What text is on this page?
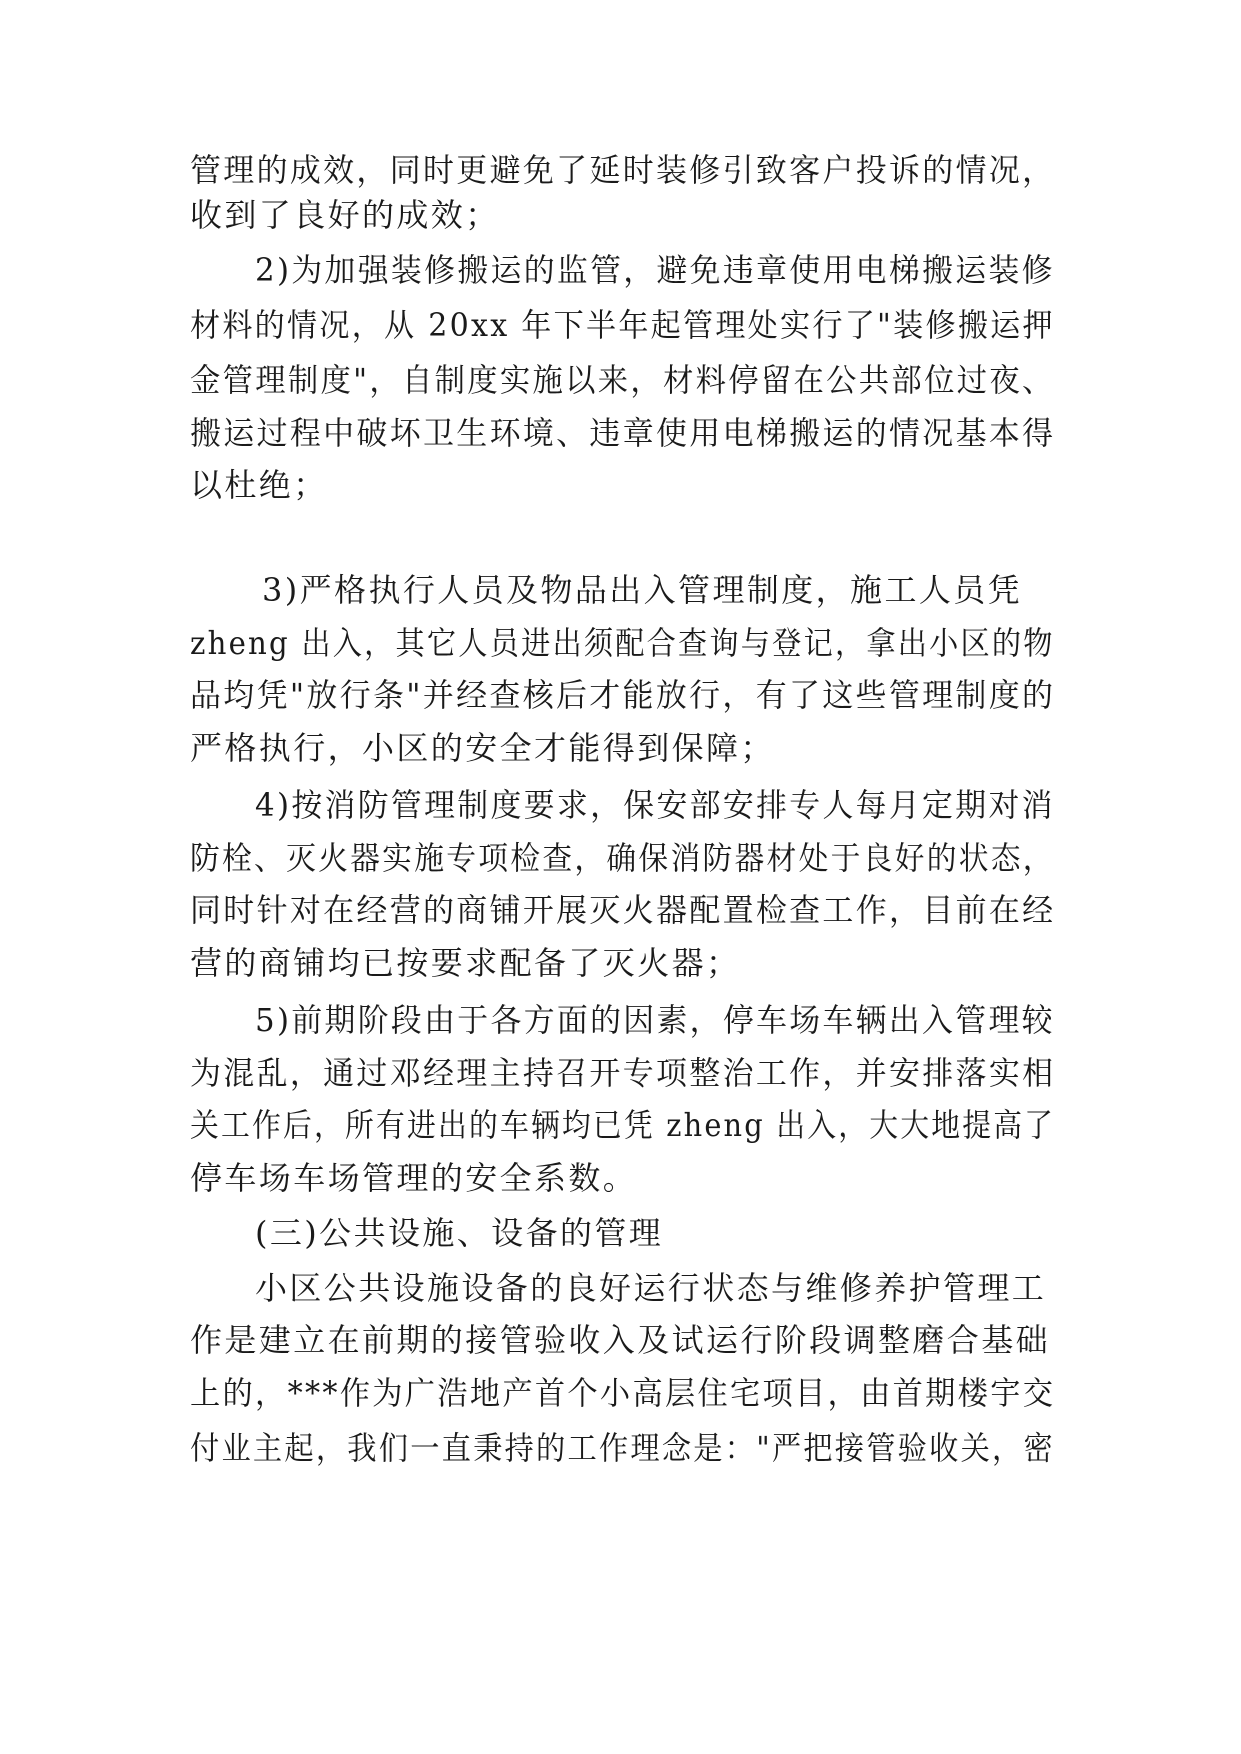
管理的成效，同时更避免了延时装修引致客户投诉的情况，
收到了良好的成效；
2)为加强装修搬运的监管，避免违章使用电梯搬运装修
材料的情况，从 20xx 年下半年起管理处实行了"装修搬运押
金管理制度"，自制度实施以来，材料停留在公共部位过夜、
搬运过程中破坏卫生环境、违章使用电梯搬运的情况基本得
以杜绝；
3)严格执行人员及物品出入管理制度，施工人员凭
zheng 出入，其它人员进出须配合查询与登记，拿出小区的物
品均凭"放行条"并经查核后才能放行，有了这些管理制度的
严格执行，小区的安全才能得到保障；
4)按消防管理制度要求，保安部安排专人每月定期对消
防栓、灭火器实施专项检查，确保消防器材处于良好的状态，
同时针对在经营的商铺开展灭火器配置检查工作，目前在经
营的商铺均已按要求配备了灭火器；
5)前期阶段由于各方面的因素，停车场车辆出入管理较
为混乱，通过邓经理主持召开专项整治工作，并安排落实相
关工作后，所有进出的车辆均已凭 zheng 出入，大大地提高了
停车场车场管理的安全系数。
(三)公共设施、设备的管理
小区公共设施设备的良好运行状态与维修养护管理工
作是建立在前期的接管验收入及试运行阶段调整磨合基础
上的，***作为广浩地产首个小高层住宅项目，由首期楼宇交
付业主起，我们一直秉持的工作理念是："严把接管验收关，密
